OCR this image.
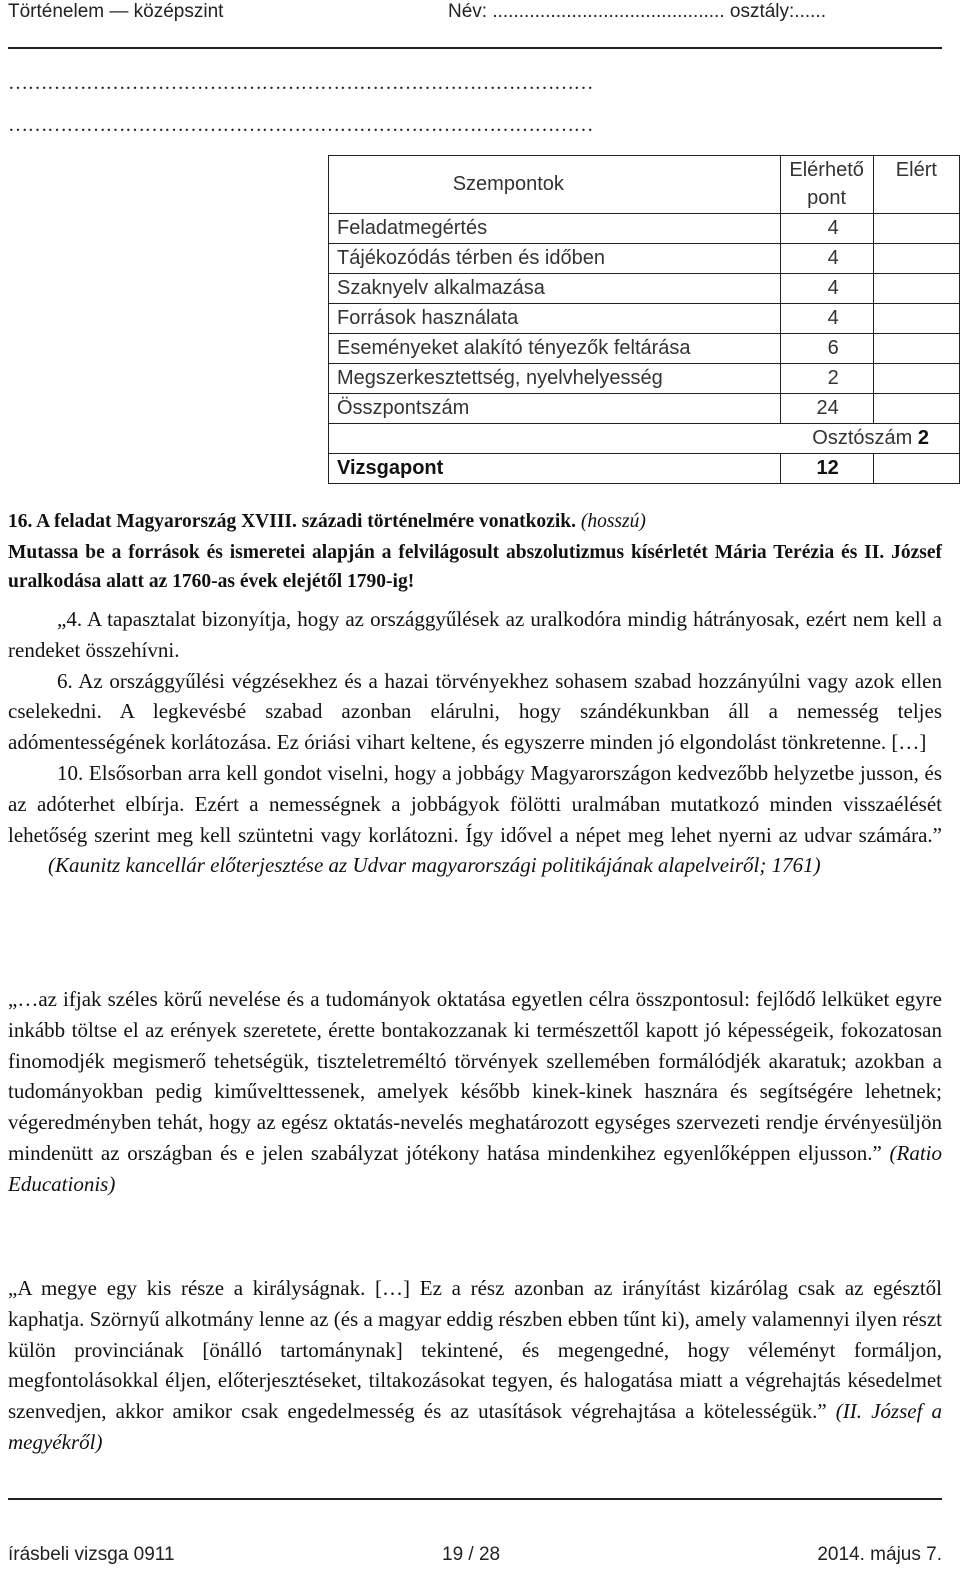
Történelem — középszint	Név: ............................................ osztály:......
………………………………………………………………………………
………………………………………………………………………………
Szempontok	Elérhető	Elért
	pont	
Feladatmegértés	4	
Tájékozódás térben és időben	4	
Szaknyelv alkalmazása	4	
Források használata	4	
Eseményeket alakító tényezők feltárása	6	
Megszerkesztettség, nyelvhelyesség	2	
Összpontszám	24	
Osztószám 2		
Vizsgapont	12	
16. A feladat Magyarország XVIII. századi történelmére vonatkozik. (hosszú)
Mutassa be a források és ismeretei alapján a felvilágosult abszolutizmus kísérletét Mária Terézia és II. József uralkodása alatt az 1760-as évek elejétől 1790-ig!
„4. A tapasztalat bizonyítja, hogy az országgyűlések az uralkodóra mindig hátrányosak, ezért nem kell a rendeket összehívni.
6. Az országgyűlési végzésekhez és a hazai törvényekhez sohasem szabad hozzányúlni vagy azok ellen cselekedni. A legkevésbé szabad azonban elárulni, hogy szándékunkban áll a nemesség teljes adómentességének korlátozása. Ez óriási vihart keltene, és egyszerre minden jó elgondolást tönkretenne. […]
10. Elsősorban arra kell gondot viselni, hogy a jobbágy Magyarországon kedvezőbb helyzetbe jusson, és az adóterhet elbírja. Ezért a nemességnek a jobbágyok fölötti uralmában mutatkozó minden visszaélését lehetőség szerint meg kell szüntetni vagy korlátozni. Így idővel a népet meg lehet nyerni az udvar számára.” (Kaunitz kancellár előterjesztése az Udvar magyarországi politikájának alapelveiről; 1761)
„…az ifjak széles körű nevelése és a tudományok oktatása egyetlen célra összpontosul: fejlődő lelküket egyre inkább töltse el az erények szeretete, érette bontakozzanak ki természettől kapott jó képességeik, fokozatosan finomodjék megismerő tehetségük, tiszteletreméltó törvények szellemében formálódjék akaratuk; azokban a tudományokban pedig kiművelttessenek, amelyek később kinek-kinek hasznára és segítségére lehetnek; végeredményben tehát, hogy az egész oktatás-nevelés meghatározott egységes szervezeti rendje érvényesüljön mindenütt az országban és e jelen szabályzat jótékony hatása mindenkihez egyenlőképpen eljusson.” (Ratio Educationis)
„A megye egy kis része a királyságnak. […] Ez a rész azonban az irányítást kizárólag csak az egésztől kaphatja. Szörnyű alkotmány lenne az (és a magyar eddig részben ebben tűnt ki), amely valamennyi ilyen részt külön provinciának [önálló tartománynak] tekintené, és megengedné, hogy véleményt formáljon, megfontolásokkal éljen, előterjesztéseket, tiltakozásokat tegyen, és halogatása miatt a végrehajtás késedelmet szenvedjen, akkor amikor csak engedelmesség és az utasítások végrehajtása a kötelességük.” (II. József a megyékről)
írásbeli vizsga 0911	19 / 28	2014. május 7.
